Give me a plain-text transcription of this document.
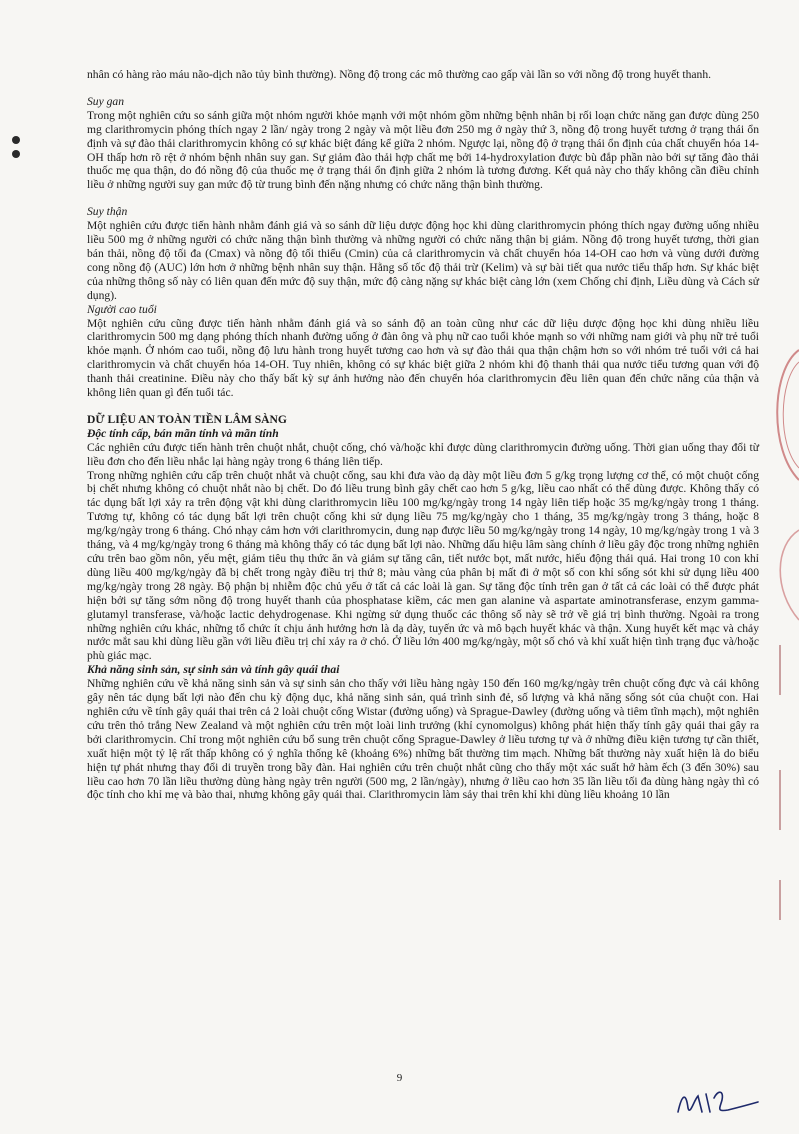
nhân có hàng rào máu não-dịch não tủy bình thường). Nồng độ trong các mô thường cao gấp vài lần so với nồng độ trong huyết thanh.

Suy gan

Trong một nghiên cứu so sánh giữa một nhóm người khỏe mạnh với một nhóm gồm những bệnh nhân bị rối loạn chức năng gan được dùng 250 mg clarithromycin phóng thích ngay 2 lần/ ngày trong 2 ngày và một liều đơn 250 mg ở ngày thứ 3, nồng độ trong huyết tương ở trạng thái ổn định và sự đào thải clarithromycin không có sự khác biệt đáng kể giữa 2 nhóm. Ngược lại, nồng độ ở trạng thái ổn định của chất chuyển hóa 14-OH thấp hơn rõ rệt ở nhóm bệnh nhân suy gan. Sự giảm đào thải hợp chất mẹ bởi 14-hydroxylation được bù đắp phần nào bởi sự tăng đào thải thuốc mẹ qua thận, do đó nồng độ của thuốc mẹ ở trạng thái ổn định giữa 2 nhóm là tương đương. Kết quả này cho thấy không cần điều chỉnh liều ở những người suy gan mức độ từ trung bình đến nặng nhưng có chức năng thận bình thường.

Suy thận

Một nghiên cứu được tiến hành nhằm đánh giá và so sánh dữ liệu dược động học khi dùng clarithromycin phóng thích ngay đường uống nhiều liều 500 mg ở những người có chức năng thận bình thường và những người có chức năng thận bị giảm. Nồng độ trong huyết tương, thời gian bán thải, nồng độ tối đa (Cmax) và nồng độ tối thiểu (Cmin) của cả clarithromycin và chất chuyển hóa 14-OH cao hơn và vùng dưới đường cong nồng độ (AUC) lớn hơn ở những bệnh nhân suy thận. Hằng số tốc độ thải trừ (Kelim) và sự bài tiết qua nước tiểu thấp hơn. Sự khác biệt của những thông số này có liên quan đến mức độ suy thận, mức độ càng nặng sự khác biệt càng lớn (xem Chống chỉ định, Liều dùng và Cách sử dụng).

Người cao tuổi

Một nghiên cứu cũng được tiến hành nhằm đánh giá và so sánh độ an toàn cũng như các dữ liệu dược động học khi dùng nhiều liều clarithromycin 500 mg dạng phóng thích nhanh đường uống ở đàn ông và phụ nữ cao tuổi khỏe mạnh so với những nam giới và phụ nữ trẻ tuổi khỏe mạnh. Ở nhóm cao tuổi, nồng độ lưu hành trong huyết tương cao hơn và sự đào thải qua thận chậm hơn so với nhóm trẻ tuổi với cả hai clarithromycin và chất chuyển hóa 14-OH. Tuy nhiên, không có sự khác biệt giữa 2 nhóm khi độ thanh thải qua nước tiểu tương quan với độ thanh thải creatinine. Điều này cho thấy bất kỳ sự ảnh hưởng nào đến chuyển hóa clarithromycin đều liên quan đến chức năng của thận và không liên quan gì đến tuổi tác.

DỮ LIỆU AN TOÀN TIỀN LÂM SÀNG

Độc tính cấp, bán mãn tính và mãn tính

Các nghiên cứu được tiến hành trên chuột nhắt, chuột cống, chó và/hoặc khỉ được dùng clarithromycin đường uống. Thời gian uống thay đổi từ liều đơn cho đến liều nhắc lại hàng ngày trong 6 tháng liên tiếp.

Trong những nghiên cứu cấp trên chuột nhắt và chuột cống, sau khi đưa vào dạ dày một liều đơn 5 g/kg trọng lượng cơ thể, có một chuột cống bị chết nhưng không có chuột nhắt nào bị chết. Do đó liều trung bình gây chết cao hơn 5 g/kg, liều cao nhất có thể dùng được. Không thấy có tác dụng bất lợi xảy ra trên động vật khi dùng clarithromycin liều 100 mg/kg/ngày trong 14 ngày liên tiếp hoặc 35 mg/kg/ngày trong 1 tháng. Tương tự, không có tác dụng bất lợi trên chuột cống khi sử dụng liều 75 mg/kg/ngày cho 1 tháng, 35 mg/kg/ngày trong 3 tháng, hoặc 8 mg/kg/ngày trong 6 tháng. Chó nhạy cảm hơn với clarithromycin, dung nạp được liều 50 mg/kg/ngày trong 14 ngày, 10 mg/kg/ngày trong 1 và 3 tháng, và 4 mg/kg/ngày trong 6 tháng mà không thấy có tác dụng bất lợi nào. Những dấu hiệu lâm sàng chính ở liều gây độc trong những nghiên cứu trên bao gồm nôn, yếu mệt, giảm tiêu thụ thức ăn và giảm sự tăng cân, tiết nước bọt, mất nước, hiếu động thái quá. Hai trong 10 con khỉ dùng liều 400 mg/kg/ngày đã bị chết trong ngày điều trị thứ 8; màu vàng của phân bị mất đi ở một số con khỉ sống sót khi sử dụng liều 400 mg/kg/ngày trong 28 ngày. Bộ phận bị nhiễm độc chủ yếu ở tất cả các loài là gan. Sự tăng độc tính trên gan ở tất cả các loài có thể được phát hiện bởi sự tăng sớm nồng độ trong huyết thanh của phosphatase kiềm, các men gan alanine và aspartate aminotransferase, enzym gamma-glutamyl transferase, và/hoặc lactic dehydrogenase. Khi ngừng sử dụng thuốc các thông số này sẽ trở về giá trị bình thường. Ngoài ra trong những nghiên cứu khác, những tổ chức ít chịu ảnh hưởng hơn là dạ dày, tuyến ức và mô bạch huyết khác và thận. Xung huyết kết mạc và chảy nước mắt sau khi dùng liều gần với liều điều trị chỉ xảy ra ở chó. Ở liều lớn 400 mg/kg/ngày, một số chó và khỉ xuất hiện tình trạng đục và/hoặc phù giác mạc.

Khả năng sinh sản, sự sinh sản và tính gây quái thai

Những nghiên cứu về khả năng sinh sản và sự sinh sản cho thấy với liều hàng ngày 150 đến 160 mg/kg/ngày trên chuột cống đực và cái không gây nên tác dụng bất lợi nào đến chu kỳ động dục, khả năng sinh sản, quá trình sinh đẻ, số lượng và khả năng sống sót của chuột con. Hai nghiên cứu về tính gây quái thai trên cả 2 loài chuột cống Wistar (đường uống) và Sprague-Dawley (đường uống và tiêm tĩnh mạch), một nghiên cứu trên thỏ trắng New Zealand và một nghiên cứu trên một loài linh trưởng (khỉ cynomolgus) không phát hiện thấy tính gây quái thai gây ra bởi clarithromycin. Chỉ trong một nghiên cứu bổ sung trên chuột cống Sprague-Dawley ở liều tương tự và ở những điều kiện tương tự cần thiết, xuất hiện một tỷ lệ rất thấp không có ý nghĩa thống kê (khoảng 6%) những bất thường tim mạch. Những bất thường này xuất hiện là do biểu hiện tự phát nhưng thay đổi di truyền trong bầy đàn. Hai nghiên cứu trên chuột nhắt cũng cho thấy một xác suất hở hàm ếch (3 đến 30%) sau liều cao hơn 70 lần liều thường dùng hàng ngày trên người (500 mg, 2 lần/ngày), nhưng ở liều cao hơn 35 lần liều tối đa dùng hàng ngày thì có độc tính cho khỉ mẹ và bào thai, nhưng không gây quái thai. Clarithromycin làm sảy thai trên khỉ khi dùng liều khoảng 10 lần

9
